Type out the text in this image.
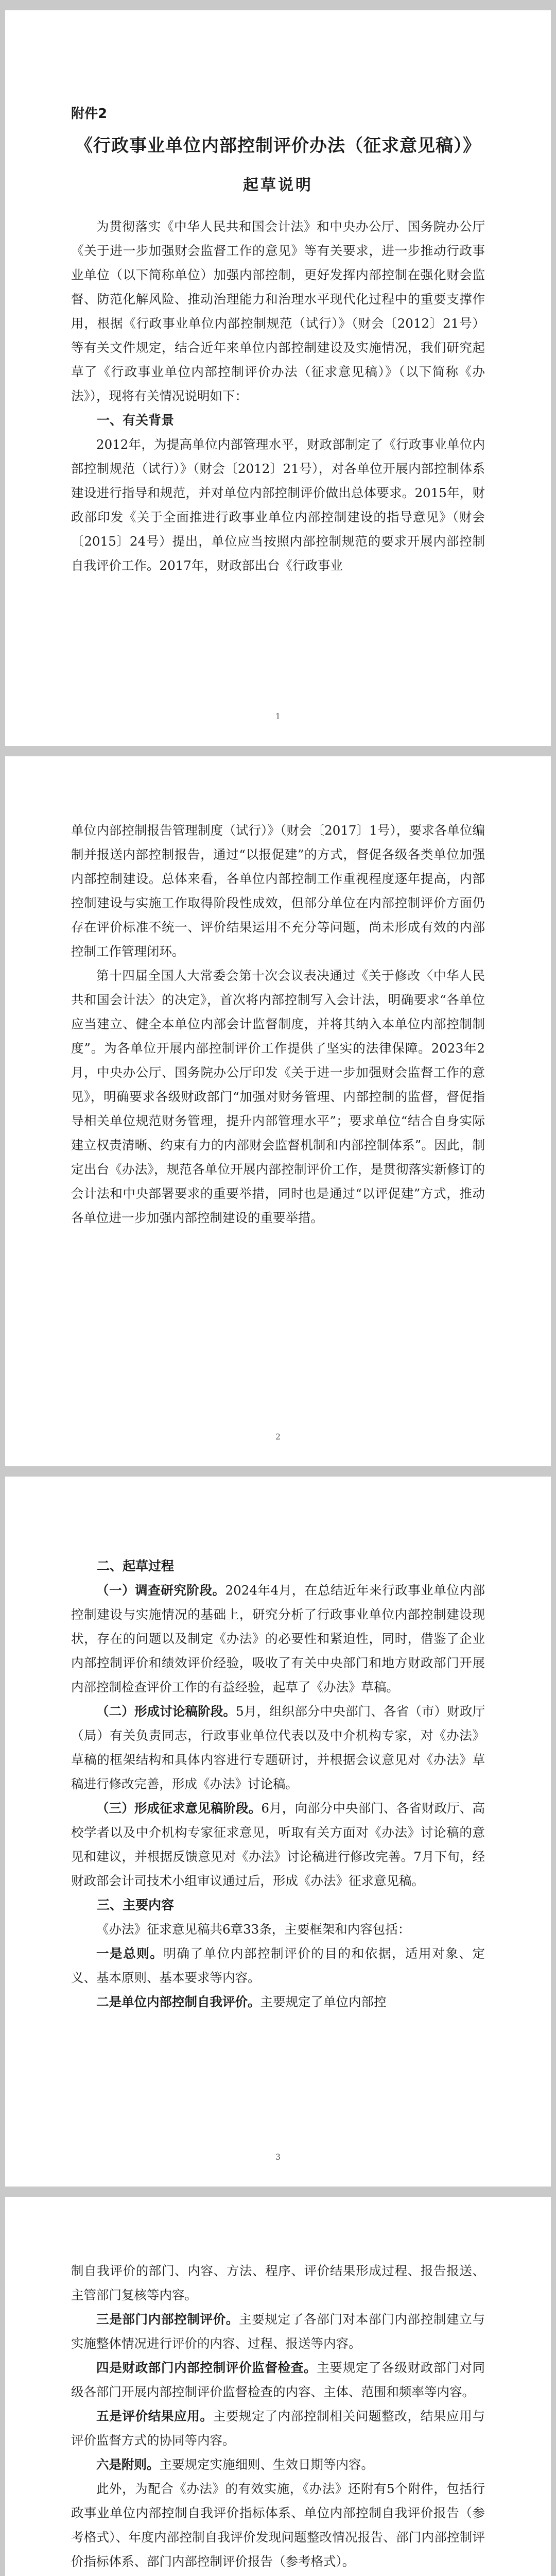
附件2
《行政事业单位内部控制评价办法（征求意见稿）》
起草说明

为贯彻落实《中华人民共和国会计法》和中央办公厅、国务院办公厅《关于进一步加强财会监督工作的意见》等有关要求，进一步推动行政事业单位（以下简称单位）加强内部控制，更好发挥内部控制在强化财会监督、防范化解风险、推动治理能力和治理水平现代化过程中的重要支撑作用，根据《行政事业单位内部控制规范（试行）》（财会〔2012〕21号）等有关文件规定，结合近年来单位内部控制建设及实施情况，我们研究起草了《行政事业单位内部控制评价办法（征求意见稿）》（以下简称《办法》），现将有关情况说明如下：

一、有关背景

2012年，为提高单位内部管理水平，财政部制定了《行政事业单位内部控制规范（试行）》（财会〔2012〕21号），对各单位开展内部控制体系建设进行指导和规范，并对单位内部控制评价做出总体要求。2015年，财政部印发《关于全面推进行政事业单位内部控制建设的指导意见》（财会〔2015〕24号）提出，单位应当按照内部控制规范的要求开展内部控制自我评价工作。2017年，财政部出台《行政事业

1

单位内部控制报告管理制度（试行）》（财会〔2017〕1号），要求各单位编制并报送内部控制报告，通过“以报促建”的方式，督促各级各类单位加强内部控制建设。总体来看，各单位内部控制工作重视程度逐年提高，内部控制建设与实施工作取得阶段性成效，但部分单位在内部控制评价方面仍存在评价标准不统一、评价结果运用不充分等问题，尚未形成有效的内部控制工作管理闭环。

第十四届全国人大常委会第十次会议表决通过《关于修改〈中华人民共和国会计法〉的决定》，首次将内部控制写入会计法，明确要求“各单位应当建立、健全本单位内部会计监督制度，并将其纳入本单位内部控制制度”。为各单位开展内部控制评价工作提供了坚实的法律保障。2023年2月，中央办公厅、国务院办公厅印发《关于进一步加强财会监督工作的意见》，明确要求各级财政部门“加强对财务管理、内部控制的监督，督促指导相关单位规范财务管理，提升内部管理水平”；要求单位“结合自身实际建立权责清晰、约束有力的内部财会监督机制和内部控制体系”。因此，制定出台《办法》，规范各单位开展内部控制评价工作，是贯彻落实新修订的会计法和中央部署要求的重要举措，同时也是通过“以评促建”方式，推动各单位进一步加强内部控制建设的重要举措。

2
二、起草过程

（一）调查研究阶段。2024年4月，在总结近年来行政事业单位内部控制建设与实施情况的基础上，研究分析了行政事业单位内部控制建设现状，存在的问题以及制定《办法》的必要性和紧迫性，同时，借鉴了企业内部控制评价和绩效评价经验，吸收了有关中央部门和地方财政部门开展内部控制检查评价工作的有益经验，起草了《办法》草稿。

（二）形成讨论稿阶段。5月，组织部分中央部门、各省（市）财政厅（局）有关负责同志，行政事业单位代表以及中介机构专家，对《办法》草稿的框架结构和具体内容进行专题研讨，并根据会议意见对《办法》草稿进行修改完善，形成《办法》讨论稿。

（三）形成征求意见稿阶段。6月，向部分中央部门、各省财政厅、高校学者以及中介机构专家征求意见，听取有关方面对《办法》讨论稿的意见和建议，并根据反馈意见对《办法》讨论稿进行修改完善。7月下旬，经财政部会计司技术小组审议通过后，形成《办法》征求意见稿。

三、主要内容

《办法》征求意见稿共6章33条，主要框架和内容包括：

一是总则。明确了单位内部控制评价的目的和依据，适用对象、定义、基本原则、基本要求等内容。

二是单位内部控制自我评价。主要规定了单位内部控

3

制自我评价的部门、内容、方法、程序、评价结果形成过程、报告报送、主管部门复核等内容。

三是部门内部控制评价。主要规定了各部门对本部门内部控制建立与实施整体情况进行评价的内容、过程、报送等内容。

四是财政部门内部控制评价监督检查。主要规定了各级财政部门对同级各部门开展内部控制评价监督检查的内容、主体、范围和频率等内容。

五是评价结果应用。主要规定了内部控制相关问题整改，结果应用与评价监督方式的协同等内容。

六是附则。主要规定实施细则、生效日期等内容。

此外，为配合《办法》的有效实施，《办法》还附有5个附件，包括行政事业单位内部控制自我评价指标体系、单位内部控制自我评价报告（参考格式）、年度内部控制自我评价发现问题整改情况报告、部门内部控制评价指标体系、部门内部控制评价报告（参考格式）。
